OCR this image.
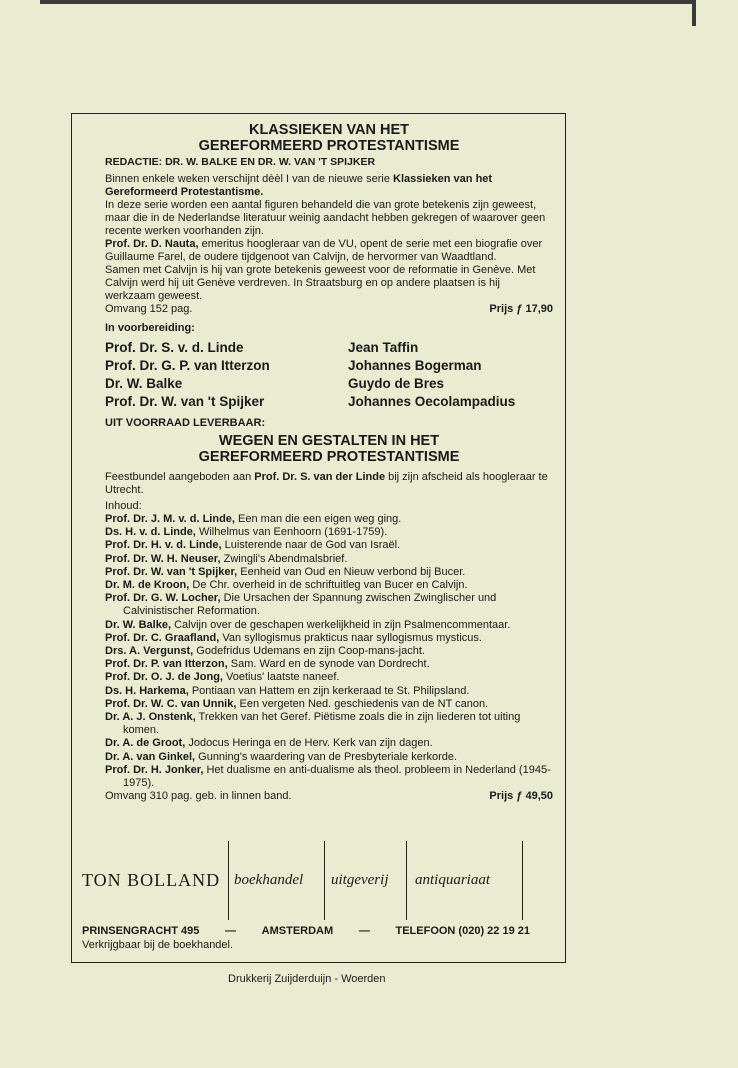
KLASSIEKEN VAN HET
GEREFORMEERD PROTESTANTISME
REDACTIE: DR. W. BALKE EN DR. W. VAN 'T SPIJKER
Binnen enkele weken verschijnt dèèl I van de nieuwe serie Klassieken van het Gereformeerd Protestantisme.
In deze serie worden een aantal figuren behandeld die van grote betekenis zijn geweest, maar die in de Nederlandse literatuur weinig aandacht hebben gekregen of waarover geen recente werken voorhanden zijn.
Prof. Dr. D. Nauta, emeritus hoogleraar van de VU, opent de serie met een biografie over Guillaume Farel, de oudere tijdgenoot van Calvijn, de hervormer van Waadtland.
Samen met Calvijn is hij van grote betekenis geweest voor de reformatie in Genève. Met Calvijn werd hij uit Genève verdreven. In Straatsburg en op andere plaatsen is hij werkzaam geweest.
Omvang 152 pag.	Prijs ƒ 17,90
In voorbereiding:
Prof. Dr. S. v. d. Linde
Prof. Dr. G. P. van Itterzon
Dr. W. Balke
Prof. Dr. W. van 't Spijker
Jean Taffin
Johannes Bogerman
Guydo de Bres
Johannes Oecolampadius
UIT VOORRAAD LEVERBAAR:
WEGEN EN GESTALTEN IN HET
GEREFORMEERD PROTESTANTISME
Feestbundel aangeboden aan Prof. Dr. S. van der Linde bij zijn afscheid als hoogleraar te Utrecht.
Inhoud:
Prof. Dr. J. M. v. d. Linde, Een man die een eigen weg ging.
Ds. H. v. d. Linde, Wilhelmus van Eenhoorn (1691-1759).
Prof. Dr. H. v. d. Linde, Luisterende naar de God van Israël.
Prof. Dr. W. H. Neuser, Zwingli's Abendmalsbrief.
Prof. Dr. W. van 't Spijker, Eenheid van Oud en Nieuw verbond bij Bucer.
Dr. M. de Kroon, De Chr. overheid in de schriftuitleg van Bucer en Calvijn.
Prof. Dr. G. W. Locher, Die Ursachen der Spannung zwischen Zwinglischer und Calvinistischer Reformation.
Dr. W. Balke, Calvijn over de geschapen werkelijkheid in zijn Psalmencommentaar.
Prof. Dr. C. Graafland, Van syllogismus prakticus naar syllogismus mysticus.
Drs. A. Vergunst, Godefridus Udemans en zijn Coop-mans-jacht.
Prof. Dr. P. van Itterzon, Sam. Ward en de synode van Dordrecht.
Prof. Dr. O. J. de Jong, Voetius' laatste naneef.
Ds. H. Harkema, Pontiaan van Hattem en zijn kerkeraad te St. Philipsland.
Prof. Dr. W. C. van Unnik, Een vergeten Ned. geschiedenis van de NT canon.
Dr. A. J. Onstenk, Trekken van het Geref. Piëtisme zoals die in zijn liederen tot uiting komen.
Dr. A. de Groot, Jodocus Heringa en de Herv. Kerk van zijn dagen.
Dr. A. van Ginkel, Gunning's waardering van de Presbyteriale kerkorde.
Prof. Dr. H. Jonker, Het dualisme en anti-dualisme als theol. probleem in Nederland (1945-1975).
Omvang 310 pag. geb. in linnen band.	Prijs ƒ 49,50
TON BOLLAND boekhandel uitgeverij antiquariaat
PRINSENGRACHT 495 — AMSTERDAM — TELEFOON (020) 22 19 21
Verkrijgbaar bij de boekhandel.
Drukkerij Zuijderduijn - Woerden
